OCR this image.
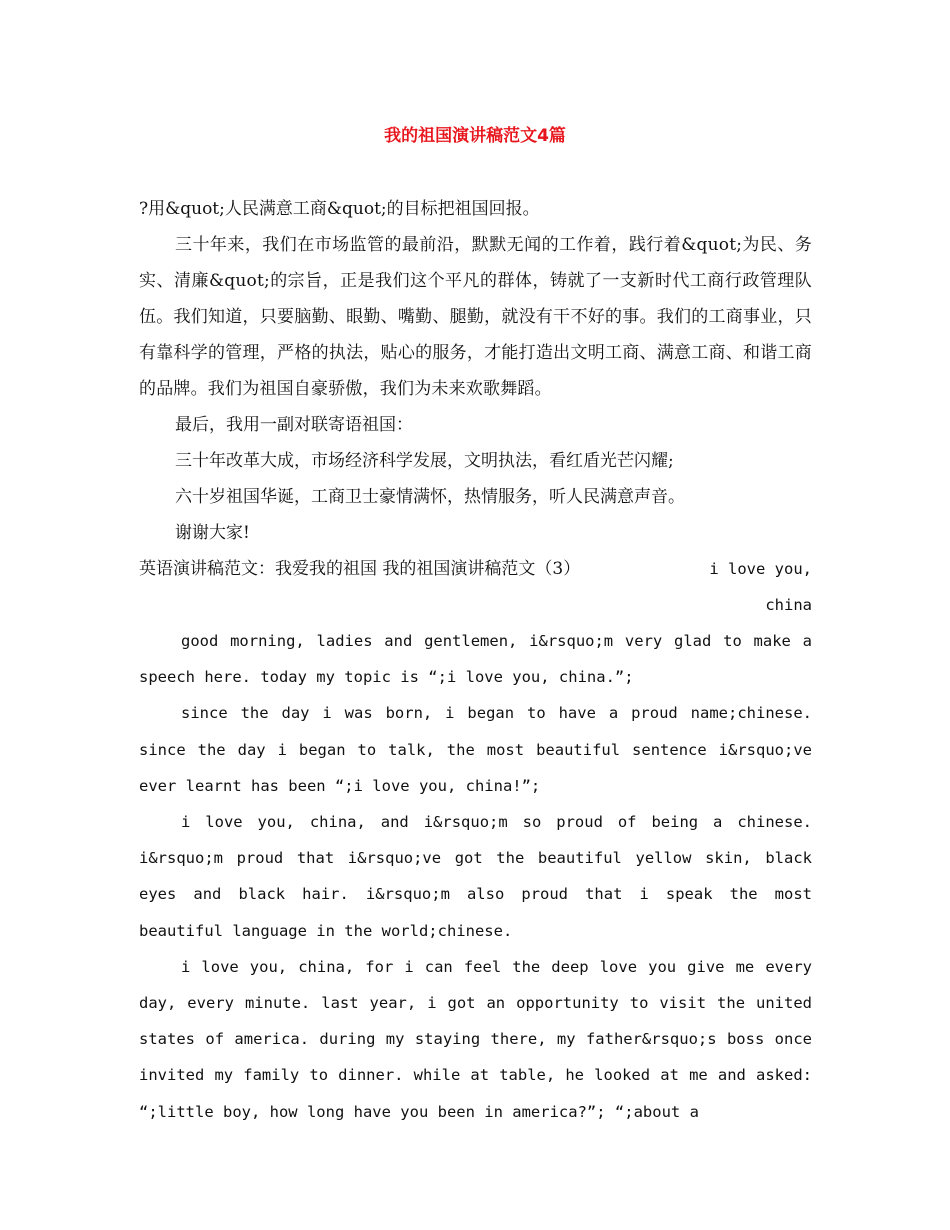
我的祖国演讲稿范文4篇

?用&quot;人民满意工商&quot;的目标把祖国回报。

三十年来，我们在市场监管的最前沿，默默无闻的工作着，践行着&quot;为民、务实、清廉&quot;的宗旨，正是我们这个平凡的群体，铸就了一支新时代工商行政管理队伍。我们知道，只要脑勤、眼勤、嘴勤、腿勤，就没有干不好的事。我们的工商事业，只有靠科学的管理，严格的执法，贴心的服务，才能打造出文明工商、满意工商、和谐工商的品牌。我们为祖国自豪骄傲，我们为未来欢歌舞蹈。

最后，我用一副对联寄语祖国：

三十年改革大成，市场经济科学发展，文明执法，看红盾光芒闪耀;

六十岁祖国华诞，工商卫士豪情满怀，热情服务，听人民满意声音。

谢谢大家!

英语演讲稿范文：我爱我的祖国 我的祖国演讲稿范文（3）	i love you, china

good morning, ladies and gentlemen, i&rsquo;m very glad to make a speech here. today my topic is “;i love you, china.”;

since the day i was born, i began to have a proud name;chinese. since the day i began to talk, the most beautiful sentence i&rsquo;ve ever learnt has been “;i love you, china!”;

i love you, china, and i&rsquo;m so proud of being a chinese. i&rsquo;m proud that i&rsquo;ve got the beautiful yellow skin, black eyes and black hair. i&rsquo;m also proud that i speak the most beautiful language in the world;chinese.

i love you, china, for i can feel the deep love you give me every day, every minute. last year, i got an opportunity to visit the united states of america. during my staying there, my father&rsquo;s boss once invited my family to dinner. while at table, he looked at me and asked: “;little boy, how long have you been in america?”; “;about a
